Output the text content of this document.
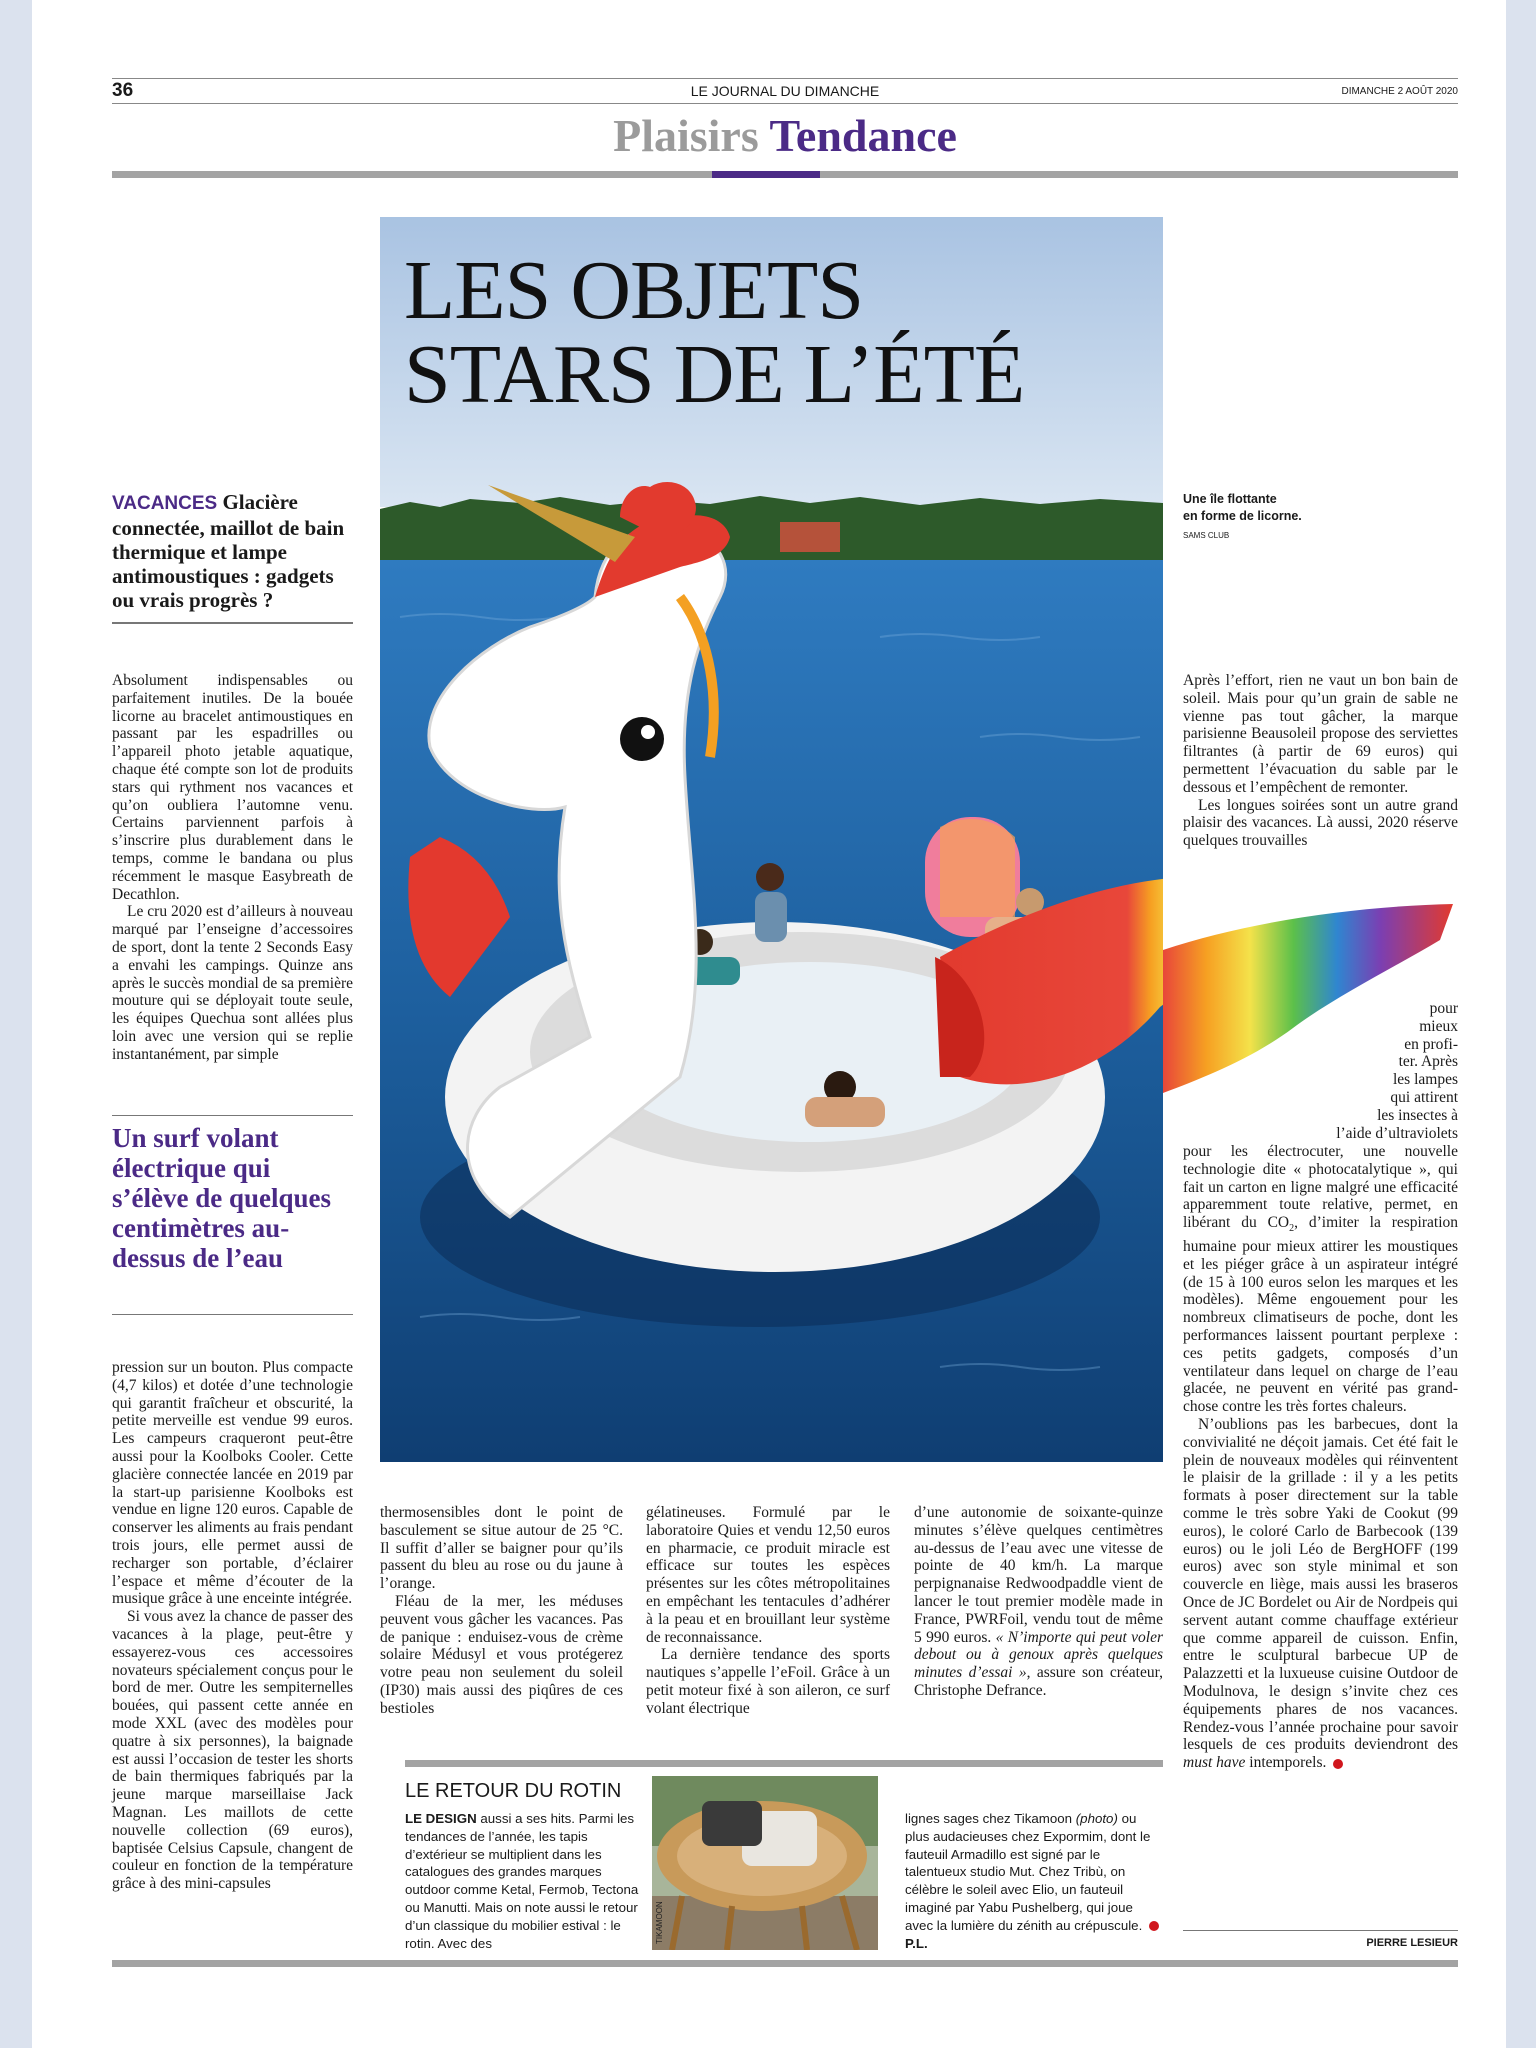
36	LE JOURNAL DU DIMANCHE	DIMANCHE 2 AOÛT 2020
Plaisirs Tendance
LES OBJETS
STARS DE L’ÉTÉ
VACANCES Glacière connectée, maillot de bain thermique et lampe antimoustiques : gadgets ou vrais progrès ?

Absolument indispensables ou parfaitement inutiles. De la bouée licorne au bracelet antimoustiques en passant par les espadrilles ou l’appareil photo jetable aquatique, chaque été compte son lot de produits stars qui rythment nos vacances et qu’on oubliera l’automne venu. Certains parviennent parfois à s’inscrire plus durablement dans le temps, comme le bandana ou plus récemment le masque Easybreath de Decathlon.

Le cru 2020 est d’ailleurs à nouveau marqué par l’enseigne d’accessoires de sport, dont la tente 2 Seconds Easy a envahi les campings. Quinze ans après le succès mondial de sa première mouture qui se déployait toute seule, les équipes Quechua sont allées plus loin avec une version qui se replie instantanément, par simple

Un surf volant électrique qui s’élève de quelques centimètres au-dessus de l’eau

pression sur un bouton. Plus compacte (4,7 kilos) et dotée d’une technologie qui garantit fraîcheur et obscurité, la petite merveille est vendue 99 euros. Les campeurs craqueront peut-être aussi pour la Koolboks Cooler. Cette glacière connectée lancée en 2019 par la start-up parisienne Koolboks est vendue en ligne 120 euros. Capable de conserver les aliments au frais pendant trois jours, elle permet aussi de recharger son portable, d’éclairer l’espace et même d’écouter de la musique grâce à une enceinte intégrée.

Si vous avez la chance de passer des vacances à la plage, peut-être y essayerez-vous ces accessoires novateurs spécialement conçus pour le bord de mer. Outre les sempiternelles bouées, qui passent cette année en mode XXL (avec des modèles pour quatre à six personnes), la baignade est aussi l’occasion de tester les shorts de bain thermiques fabriqués par la jeune marque marseillaise Jack Magnan. Les maillots de cette nouvelle collection (69 euros), baptisée Celsius Capsule, changent de couleur en fonction de la température grâce à des mini-capsules

thermosensibles dont le point de basculement se situe autour de 25 °C. Il suffit d’aller se baigner pour qu’ils passent du bleu au rose ou du jaune à l’orange.

Fléau de la mer, les méduses peuvent vous gâcher les vacances. Pas de panique : enduisez-vous de crème solaire Médusyl et vous protégerez votre peau non seulement du soleil (IP30) mais aussi des piqûres de ces bestioles

gélatineuses. Formulé par le laboratoire Quies et vendu 12,50 euros en pharmacie, ce produit miracle est efficace sur toutes les espèces présentes sur les côtes métropolitaines en empêchant les tentacules d’adhérer à la peau et en brouillant leur système de reconnaissance.

La dernière tendance des sports nautiques s’appelle l’eFoil. Grâce à un petit moteur fixé à son aileron, ce surf volant électrique

d’une autonomie de soixante-quinze minutes s’élève quelques centimètres au-dessus de l’eau avec une vitesse de pointe de 40 km/h. La marque perpignanaise Redwoodpaddle vient de lancer le tout premier modèle made in France, PWRFoil, vendu tout de même 5 990 euros. « N’importe qui peut voler debout ou à genoux après quelques minutes d’essai », assure son créateur, Christophe Defrance.

LE RETOUR DU ROTIN
LE DESIGN aussi a ses hits. Parmi les tendances de l’année, les tapis d’extérieur se multiplient dans les catalogues des grandes marques outdoor comme Ketal, Fermob, Tectona ou Manutti. Mais on note aussi le retour d’un classique du mobilier estival : le rotin. Avec des	TIKAMOON
lignes sages chez Tikamoon (photo) ou plus audacieuses chez Expormim, dont le fauteuil Armadillo est signé par le talentueux studio Mut. Chez Tribù, on célèbre le soleil avec Elio, un fauteuil imaginé par Yabu Pushelberg, qui joue avec la lumière du zénith au crépuscule.  P.L.
Une île flottante
en forme de licorne.
SAMS CLUB

Après l’effort, rien ne vaut un bon bain de soleil. Mais pour qu’un grain de sable ne vienne pas tout gâcher, la marque parisienne Beausoleil propose des serviettes filtrantes (à partir de 69 euros) qui permettent l’évacuation du sable par le dessous et l’empêchent de remonter.

Les longues soirées sont un autre grand plaisir des vacances. Là aussi, 2020 réserve quelques trouvailles

pour
mieux
en profi-
ter. Après
les lampes
qui attirent
les insectes à
l’aide d’ultraviolets

pour les électrocuter, une nouvelle technologie dite « photocatalytique », qui fait un carton en ligne malgré une efficacité apparemment toute relative, permet, en libérant du $CO_2$, d’imiter la respiration humaine pour mieux attirer les moustiques et les piéger grâce à un aspirateur intégré (de 15 à 100 euros selon les marques et les modèles). Même engouement pour les nombreux climatiseurs de poche, dont les performances laissent pourtant perplexe : ces petits gadgets, composés d’un ventilateur dans lequel on charge de l’eau glacée, ne peuvent en vérité pas grand-chose contre les très fortes chaleurs.

N’oublions pas les barbecues, dont la convivialité ne déçoit jamais. Cet été fait le plein de nouveaux modèles qui réinventent le plaisir de la grillade : il y a les petits formats à poser directement sur la table comme le très sobre Yaki de Cookut (99 euros), le coloré Carlo de Barbecook (139 euros) ou le joli Léo de BergHOFF (199 euros) avec son style minimal et son couvercle en liège, mais aussi les braseros Once de JC Bordelet ou Air de Nordpeis qui servent autant comme chauffage extérieur que comme appareil de cuisson. Enfin, entre le sculptural barbecue UP de Palazzetti et la luxueuse cuisine Outdoor de Modulnova, le design s’invite chez ces équipements phares de nos vacances. Rendez-vous l’année prochaine pour savoir lesquels de ces produits deviendront des must have intemporels.

PIERRE LESIEUR
